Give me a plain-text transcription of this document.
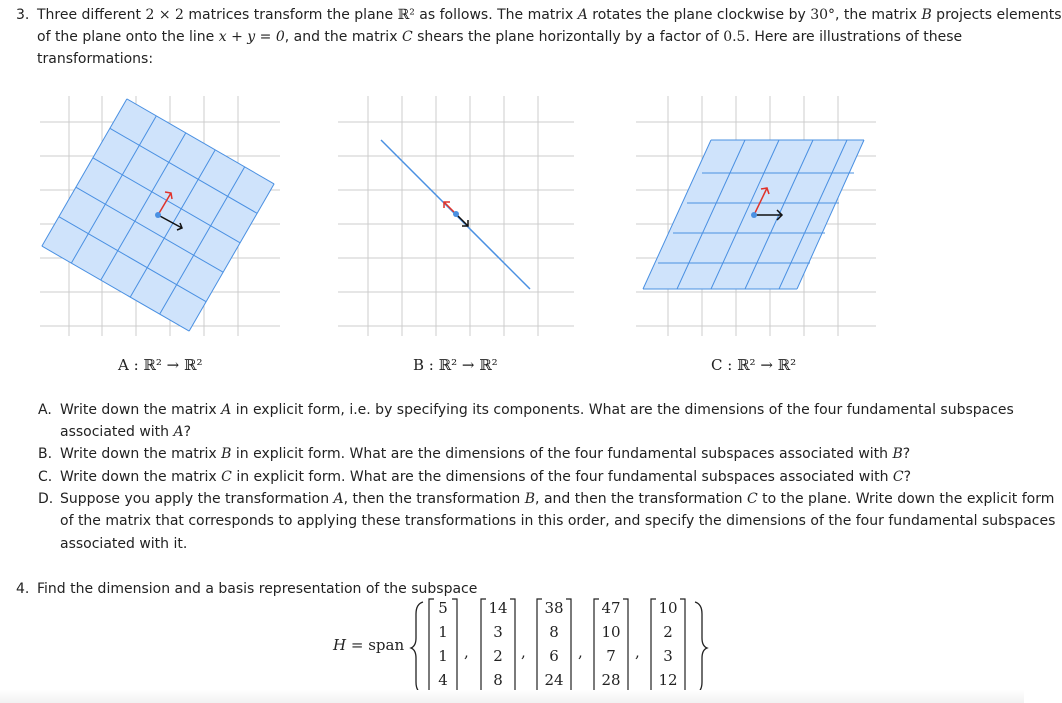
3. Three different 2 × 2 matrices transform the plane ℝ² as follows. The matrix A rotates the plane clockwise by 30°, the matrix B projects elements
of the plane onto the line x + y = 0, and the matrix C shears the plane horizontally by a factor of 0.5. Here are illustrations of these
transformations:
A : ℝ² → ℝ²	B : ℝ² → ℝ²	C : ℝ² → ℝ²
A. Write down the matrix A in explicit form, i.e. by specifying its components. What are the dimensions of the four fundamental subspaces
associated with A?
B. Write down the matrix B in explicit form. What are the dimensions of the four fundamental subspaces associated with B?
C. Write down the matrix C in explicit form. What are the dimensions of the four fundamental subspaces associated with C?
D. Suppose you apply the transformation A, then the transformation B, and then the transformation C to the plane. Write down the explicit form
of the matrix that corresponds to applying these transformations in this order, and specify the dimensions of the four fundamental subspaces
associated with it.
4. Find the dimension and a basis representation of the subspace
H = span
5
1
1
4
,
14
3
2
8
,
38
8
6
24
,
47
10
7
28
,
10
2
3
12
